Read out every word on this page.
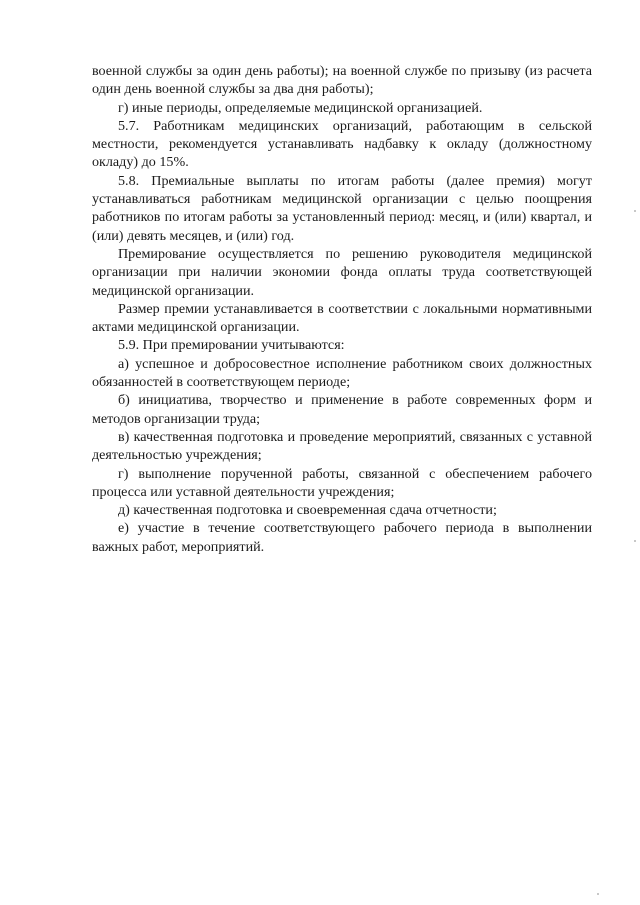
военной службы за один день работы); на военной службе по призыву (из расчета один день военной службы за два дня работы);

г) иные периоды, определяемые медицинской организацией.

5.7. Работникам медицинских организаций, работающим в сельской местности, рекомендуется устанавливать надбавку к окладу (должностному окладу) до 15%.

5.8. Премиальные выплаты по итогам работы (далее премия) могут устанавливаться работникам медицинской организации с целью поощрения работников по итогам работы за установленный период: месяц, и (или) квартал, и (или) девять месяцев, и (или) год.

Премирование осуществляется по решению руководителя медицинской организации при наличии экономии фонда оплаты труда соответствующей медицинской организации.

Размер премии устанавливается в соответствии с локальными нормативными актами медицинской организации.

5.9. При премировании учитываются:

а) успешное и добросовестное исполнение работником своих должностных обязанностей в соответствующем периоде;

б) инициатива, творчество и применение в работе современных форм и методов организации труда;

в) качественная подготовка и проведение мероприятий, связанных с уставной деятельностью учреждения;

г) выполнение порученной работы, связанной с обеспечением рабочего процесса или уставной деятельности учреждения;

д) качественная подготовка и своевременная сдача отчетности;

е) участие в течение соответствующего рабочего периода в выполнении важных работ, мероприятий.
